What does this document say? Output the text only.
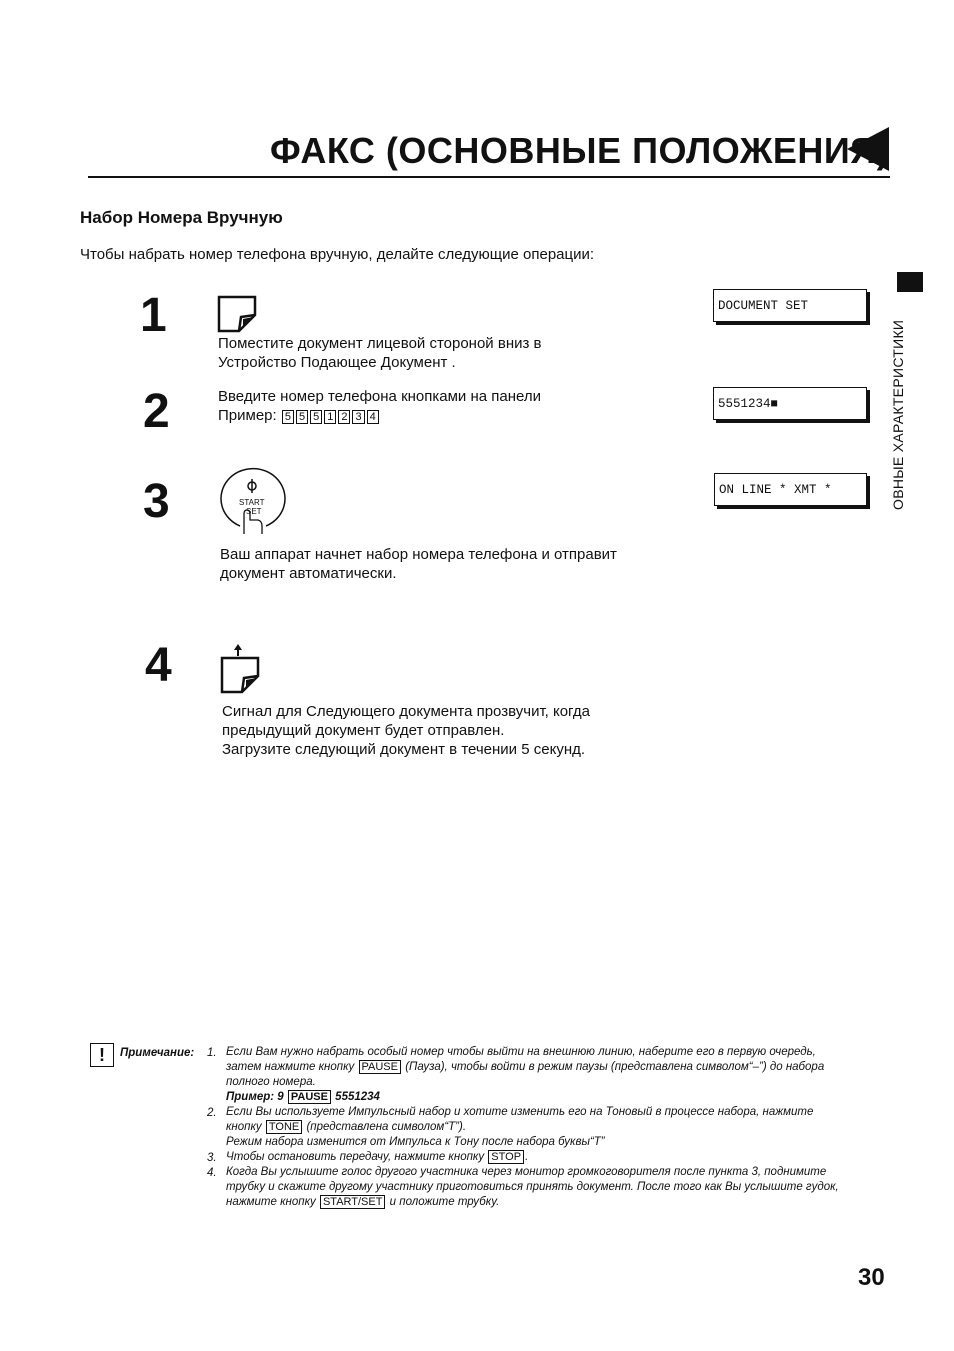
ФАКС (ОСНОВНЫЕ ПОЛОЖЕНИЯ)
ОВНЫЕ ХАРАКТЕРИСТИКИ
Набор Номера Вручную
Чтобы набрать номер телефона вручную, делайте следующие операции:
1
Поместите документ лицевой стороной вниз в
Устройство Подающее Документ .
DOCUMENT SET
2	Введите номер телефона кнопками на панели
Пример: 5 5 5 1 2 3 4
5551234■
3	START
SET
Ваш аппарат начнет набор номера телефона и отправит
документ автоматически.
ON LINE * XMT *
4
Сигнал для Следующего документа прозвучит, когда
предыдущий документ будет отправлен.
Загрузите следующий документ в течении 5 секунд.
!	Примечание: 1. Если Вам нужно набрать особый номер чтобы выйти на внешнюю линию, наберите его в первую очередь,
затем нажмите кнопку PAUSE (Пауза), чтобы войти в режим паузы (представлена символом“–”) до набора
полного номера.
Пример: 9 PAUSE 5551234
2. Если Вы используете Импульсный набор и хотите изменить его на Тоновый в процессе набора, нажмите
кнопку TONE (представлена символом“T”).
Режим набора изменится от Импульса к Тону после набора буквы“T”
3. Чтобы остановить передачу, нажмите кнопку STOP .
4. Когда Вы услышите голос другого участника через монитор громкоговорителя после пункта 3, поднимите
трубку и скажите другому участнику приготовиться принять документ. После того как Вы услышите гудок,
нажмите кнопку START/SET и положите трубку.
30
